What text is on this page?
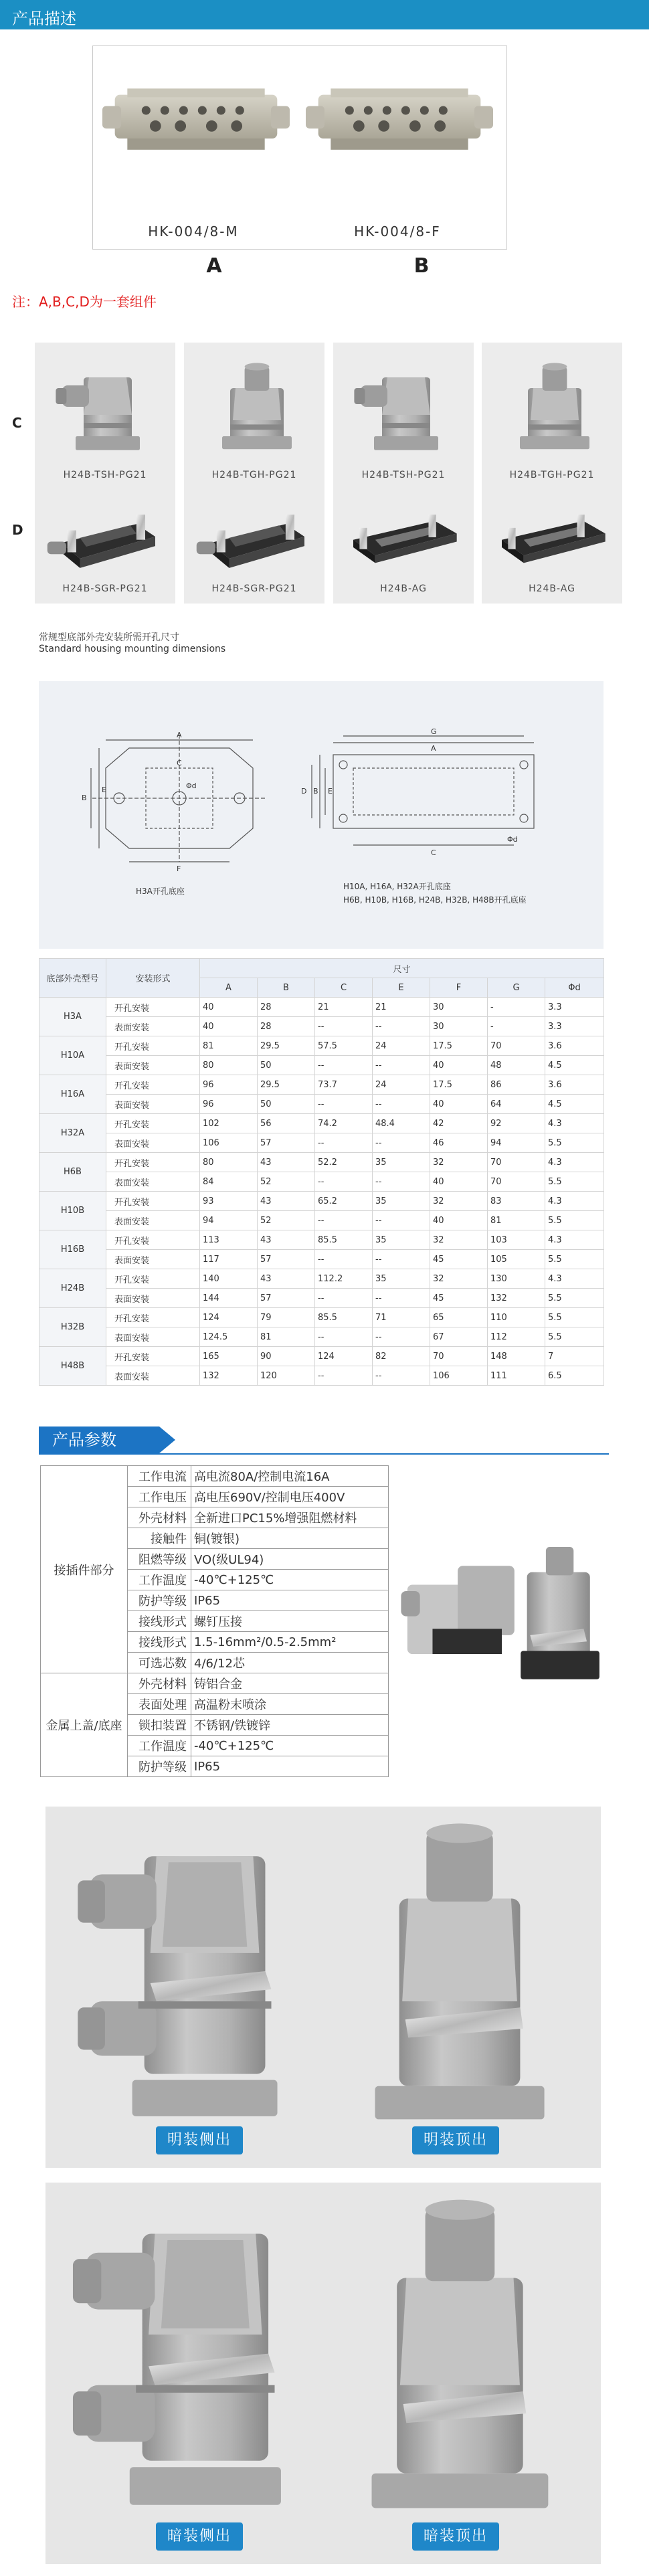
产品描述
HK-004/8-M	HK-004/8-F
A	B
注：A,B,C,D为一套组件
C
D
H24B-TSH-PG21
H24B-SGR-PG21
H24B-TGH-PG21
H24B-SGR-PG21
H24B-TSH-PG21
H24B-AG
H24B-TGH-PG21
H24B-AG
常规型底部外壳安装所需开孔尺寸
Standard housing mounting dimensions
A
F
B
E
C
Φd
H3A开孔底座
G
A
D B E
C
Φd
H10A, H16A, H32A开孔底座
H6B, H10B, H16B, H24B, H32B, H48B开孔底座
底部外壳型号	安装形式	尺寸						
		A	B	C	E	F	G	Φd
H3A	开孔安装	40	28	21	21	30	-	3.3
	表面安装	40	28	--	--	30	-	3.3
H10A	开孔安装	81	29.5	57.5	24	17.5	70	3.6
	表面安装	80	50	--	--	40	48	4.5
H16A	开孔安装	96	29.5	73.7	24	17.5	86	3.6
	表面安装	96	50	--	--	40	64	4.5
H32A	开孔安装	102	56	74.2	48.4	42	92	4.3
	表面安装	106	57	--	--	46	94	5.5
H6B	开孔安装	80	43	52.2	35	32	70	4.3
	表面安装	84	52	--	--	40	70	5.5
H10B	开孔安装	93	43	65.2	35	32	83	4.3
	表面安装	94	52	--	--	40	81	5.5
H16B	开孔安装	113	43	85.5	35	32	103	4.3
	表面安装	117	57	--	--	45	105	5.5
H24B	开孔安装	140	43	112.2	35	32	130	4.3
	表面安装	144	57	--	--	45	132	5.5
H32B	开孔安装	124	79	85.5	71	65	110	5.5
	表面安装	124.5	81	--	--	67	112	5.5
H48B	开孔安装	165	90	124	82	70	148	7
	表面安装	132	120	--	--	106	111	6.5
产品参数
接插件部分	工作电流	高电流80A/控制电流16A
	工作电压	高电压690V/控制电压400V
	外壳材料	全新进口PC15%增强阻燃材料
	接触件	铜(镀银)
	阻燃等级	VO(级UL94)
	工作温度	-40℃+125℃
	防护等级	IP65
	接线形式	螺钉压接
	接线形式	1.5-16mm²/0.5-2.5mm²
	可选芯数	4/6/12芯
金属上盖/底座	外壳材料	铸铝合金
	表面处理	高温粉末喷涂
	锁扣装置	不锈钢/铁镀锌
	工作温度	-40℃+125℃
	防护等级	IP65
明装侧出	明装顶出
暗装侧出	暗装顶出
